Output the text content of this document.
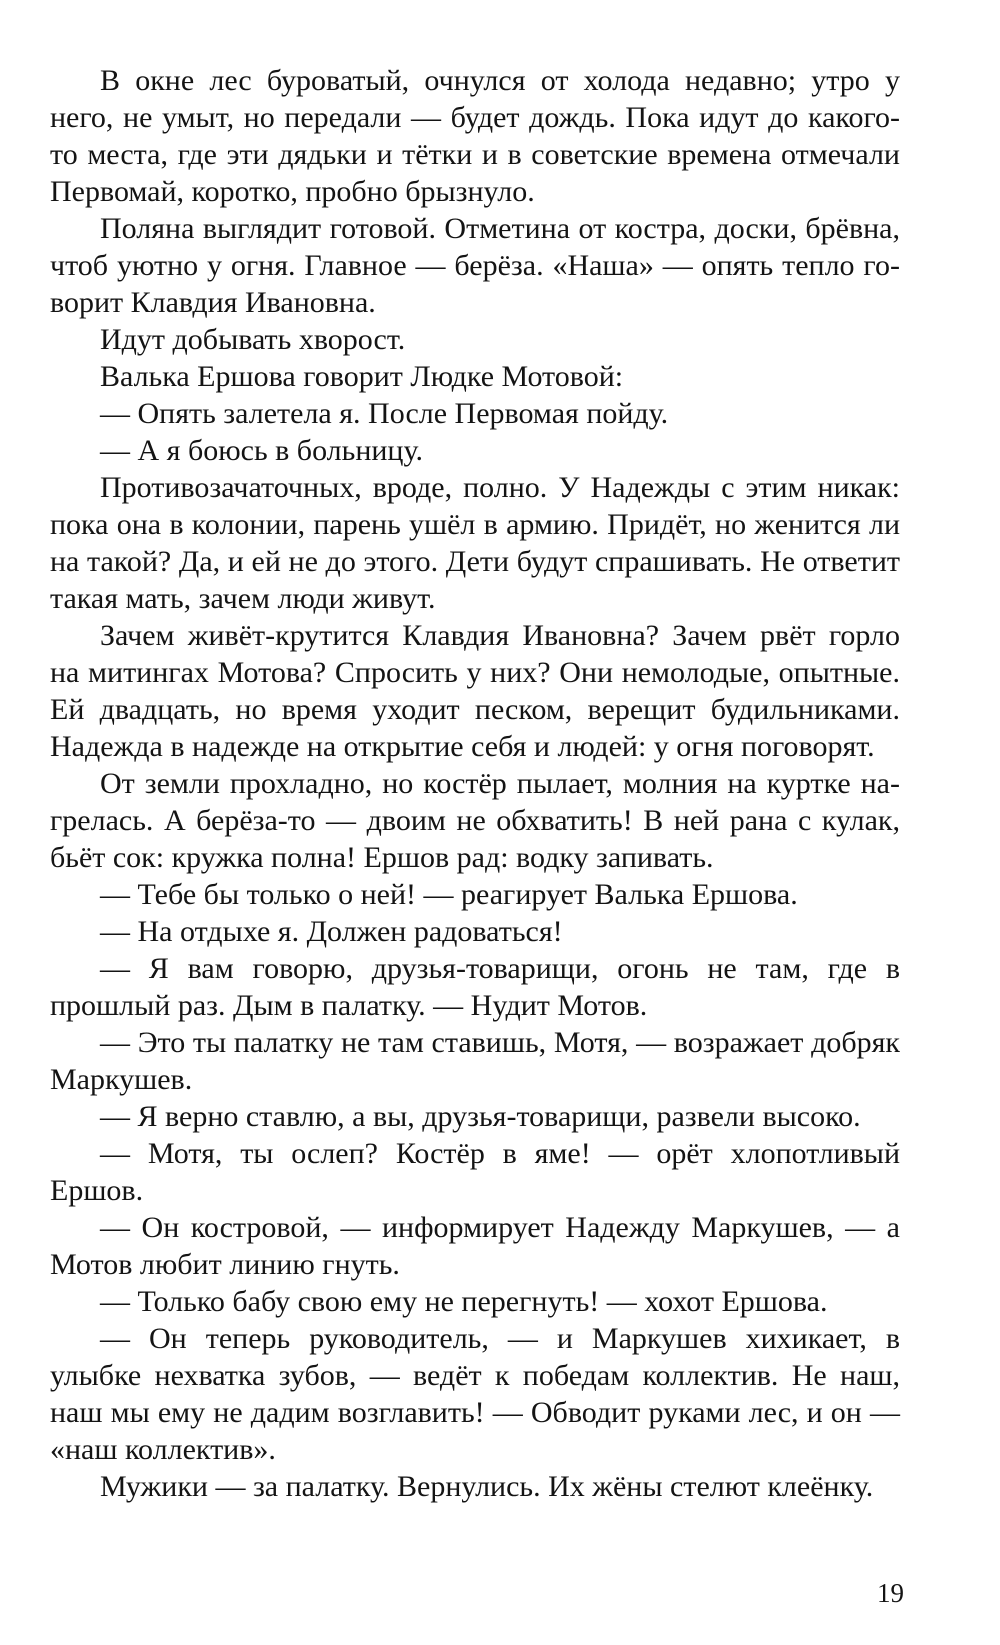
В окне лес буроватый, очнулся от холода недавно; утро у него, не умыт, но передали — будет дождь. Пока идут до какого-то места, где эти дядьки и тётки и в советские времена отмечали Первомай, коротко, пробно брызнуло.

Поляна выглядит готовой. Отметина от костра, доски, брёвна, чтоб уютно у огня. Главное — берёза. «Наша» — опять тепло говорит Клавдия Ивановна.

Идут добывать хворост.

Валька Ершова говорит Людке Мотовой:

— Опять залетела я. После Первомая пойду.

— А я боюсь в больницу.

Противозачаточных, вроде, полно. У Надежды с этим никак: пока она в колонии, парень ушёл в армию. Придёт, но женится ли на такой? Да, и ей не до этого. Дети будут спрашивать. Не ответит такая мать, зачем люди живут.

Зачем живёт-крутится Клавдия Ивановна? Зачем рвёт горло на митингах Мотова? Спросить у них? Они немолодые, опытные. Ей двадцать, но время уходит песком, верещит будильниками. Надежда в надежде на открытие себя и людей: у огня поговорят.

От земли прохладно, но костёр пылает, молния на куртке нагрелась. А берёза-то — двоим не обхватить! В ней рана с кулак, бьёт сок: кружка полна! Ершов рад: водку запивать.

— Тебе бы только о ней! — реагирует Валька Ершова.

— На отдыхе я. Должен радоваться!

— Я вам говорю, друзья-товарищи, огонь не там, где в прошлый раз. Дым в палатку. — Нудит Мотов.

— Это ты палатку не там ставишь, Мотя, — возражает добряк Маркушев.

— Я верно ставлю, а вы, друзья-товарищи, развели высоко.

— Мотя, ты ослеп? Костёр в яме! — орёт хлопотливый Ершов.

— Он костровой, — информирует Надежду Маркушев, — а Мотов любит линию гнуть.

— Только бабу свою ему не перегнуть! — хохот Ершова.

— Он теперь руководитель, — и Маркушев хихикает, в улыбке нехватка зубов, — ведёт к победам коллектив. Не наш, наш мы ему не дадим возглавить! — Обводит руками лес, и он — «наш коллектив».

Мужики — за палатку. Вернулись. Их жёны стелют клеёнку.

19
